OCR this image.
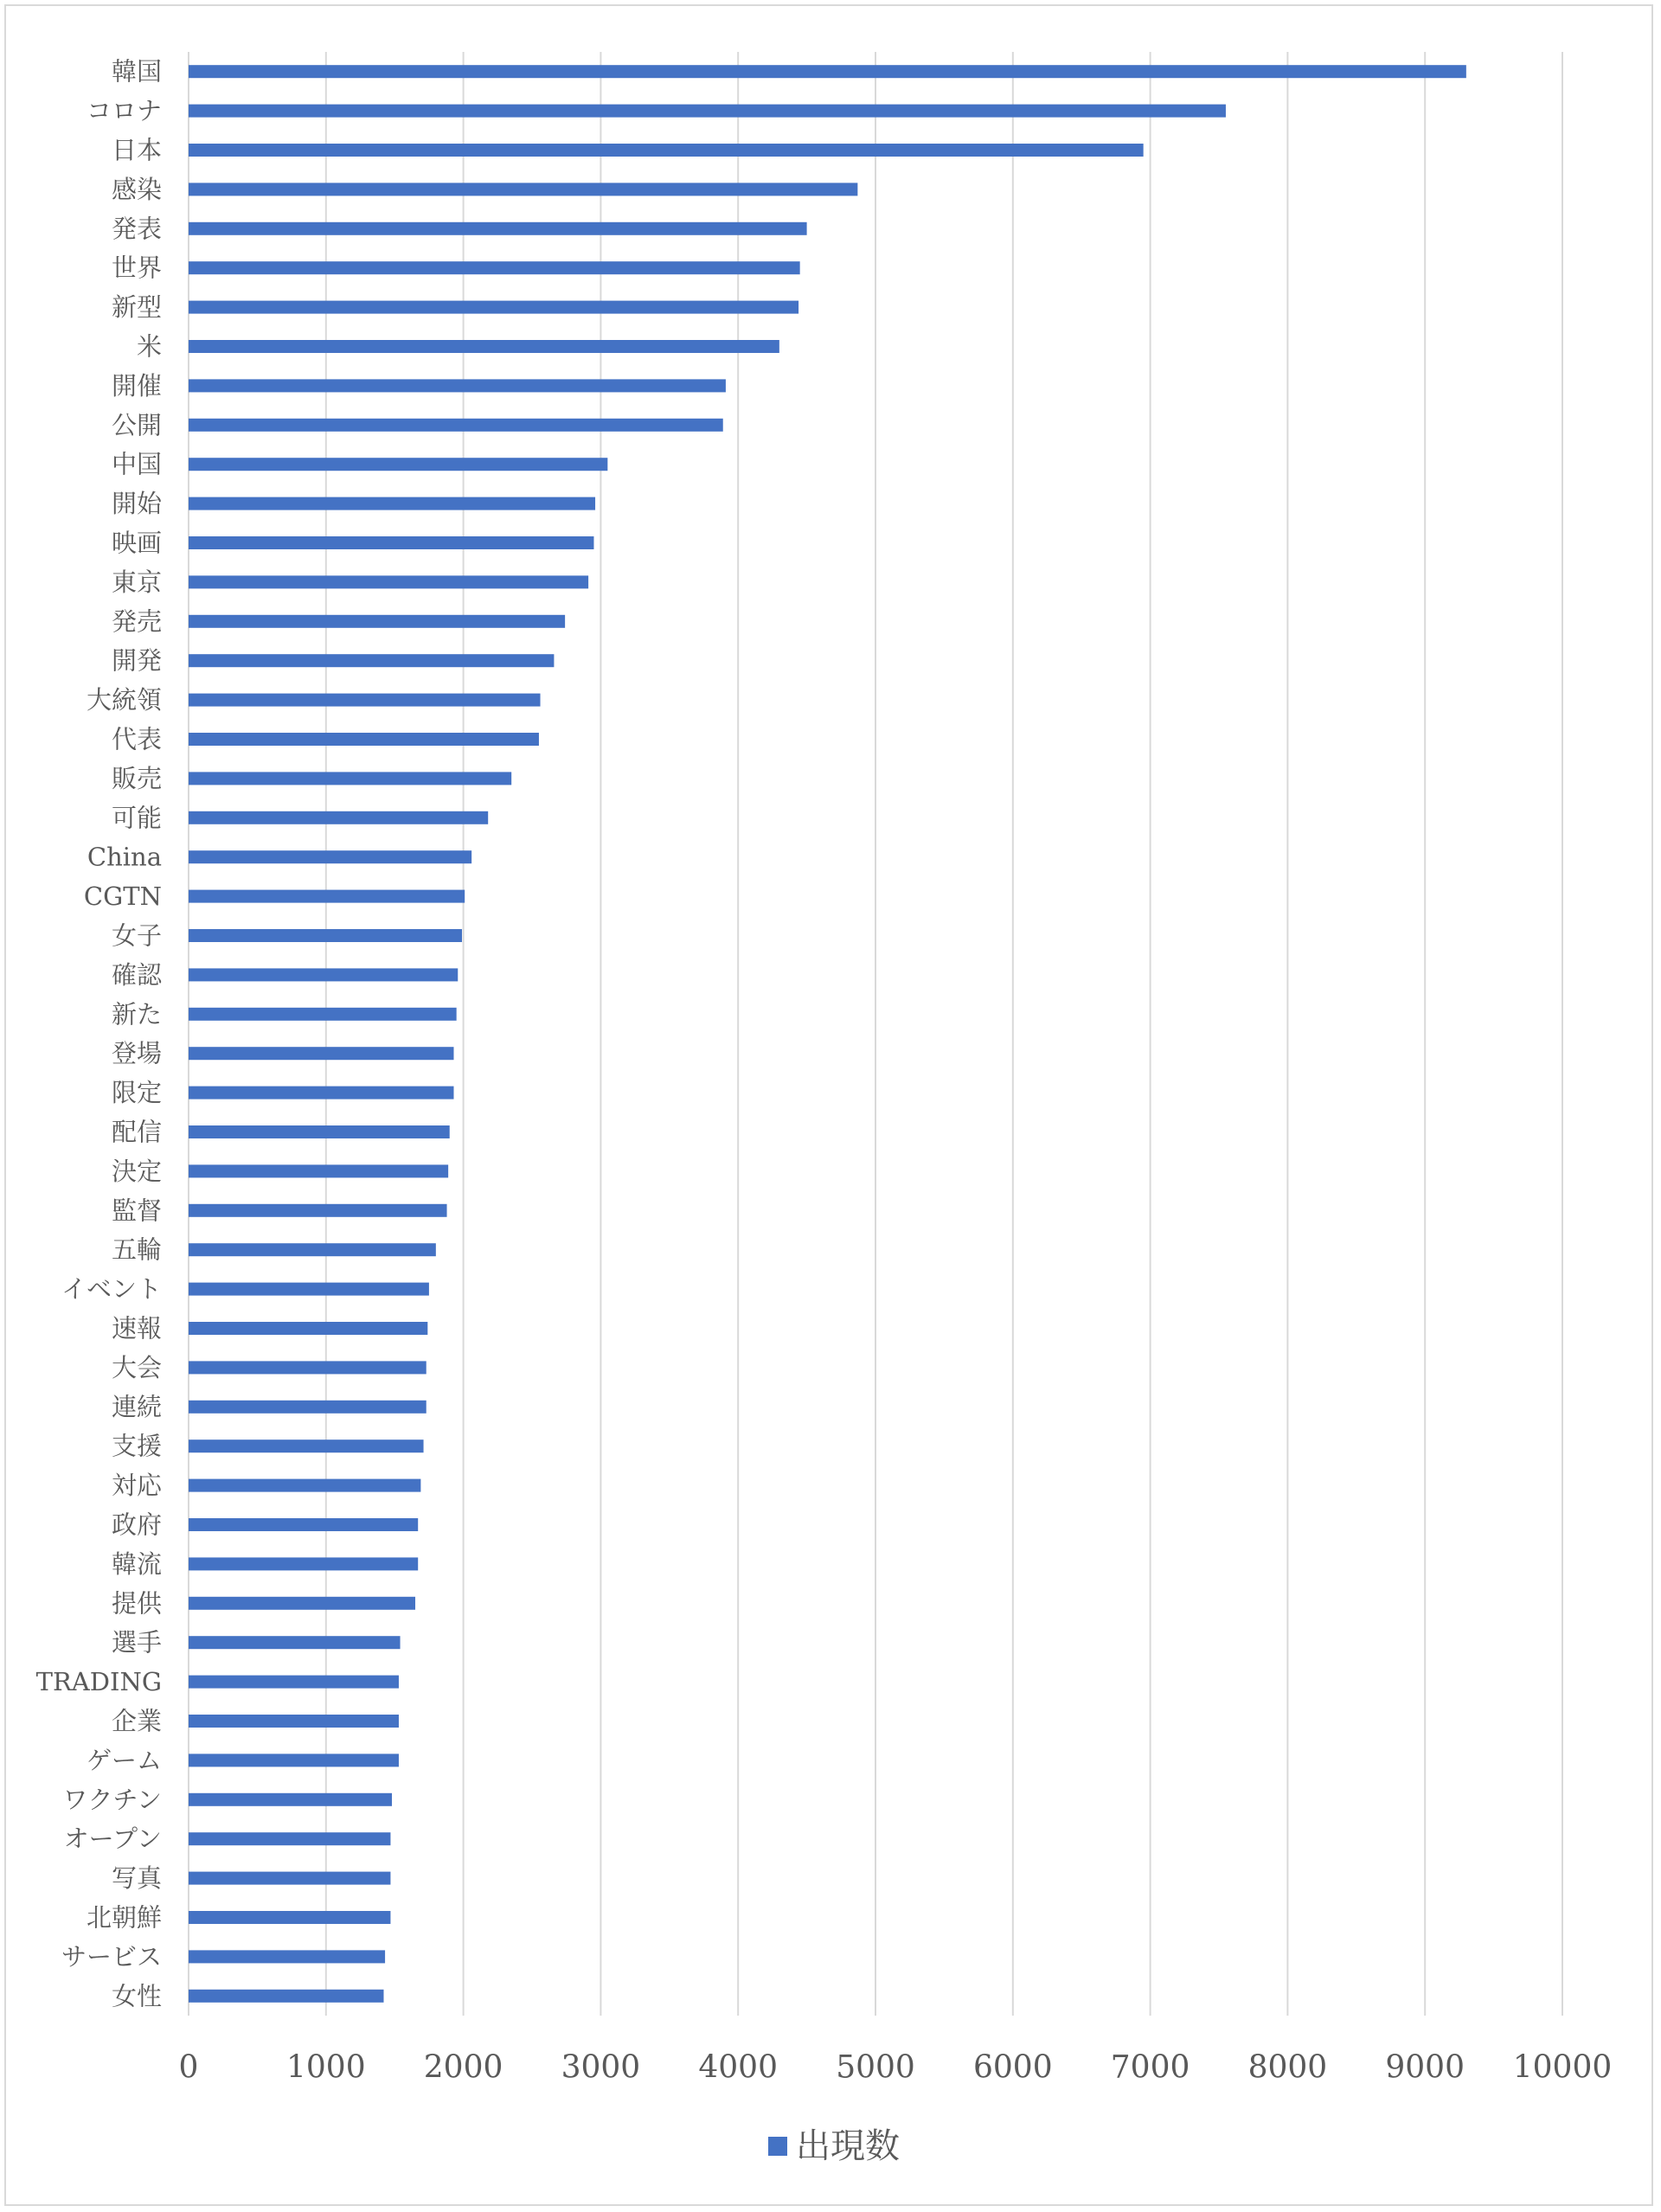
韓国
コロナ
日本
感染
発表
世界
新型
米
開催
公開
中国
開始
映画
東京
発売
開発
大統領
代表
販売
可能
China
CGTN
女子
確認
新た
登場
限定
配信
決定
監督
五輪
イベント
速報
大会
連続
支援
対応
政府
韓流
提供
選手
TRADING
企業
ゲーム
ワクチン
オープン
写真
北朝鮮
サービス
女性
0	1000 2000 3000 4000 5000 6000 7000 8000 9000 10000
出現数
